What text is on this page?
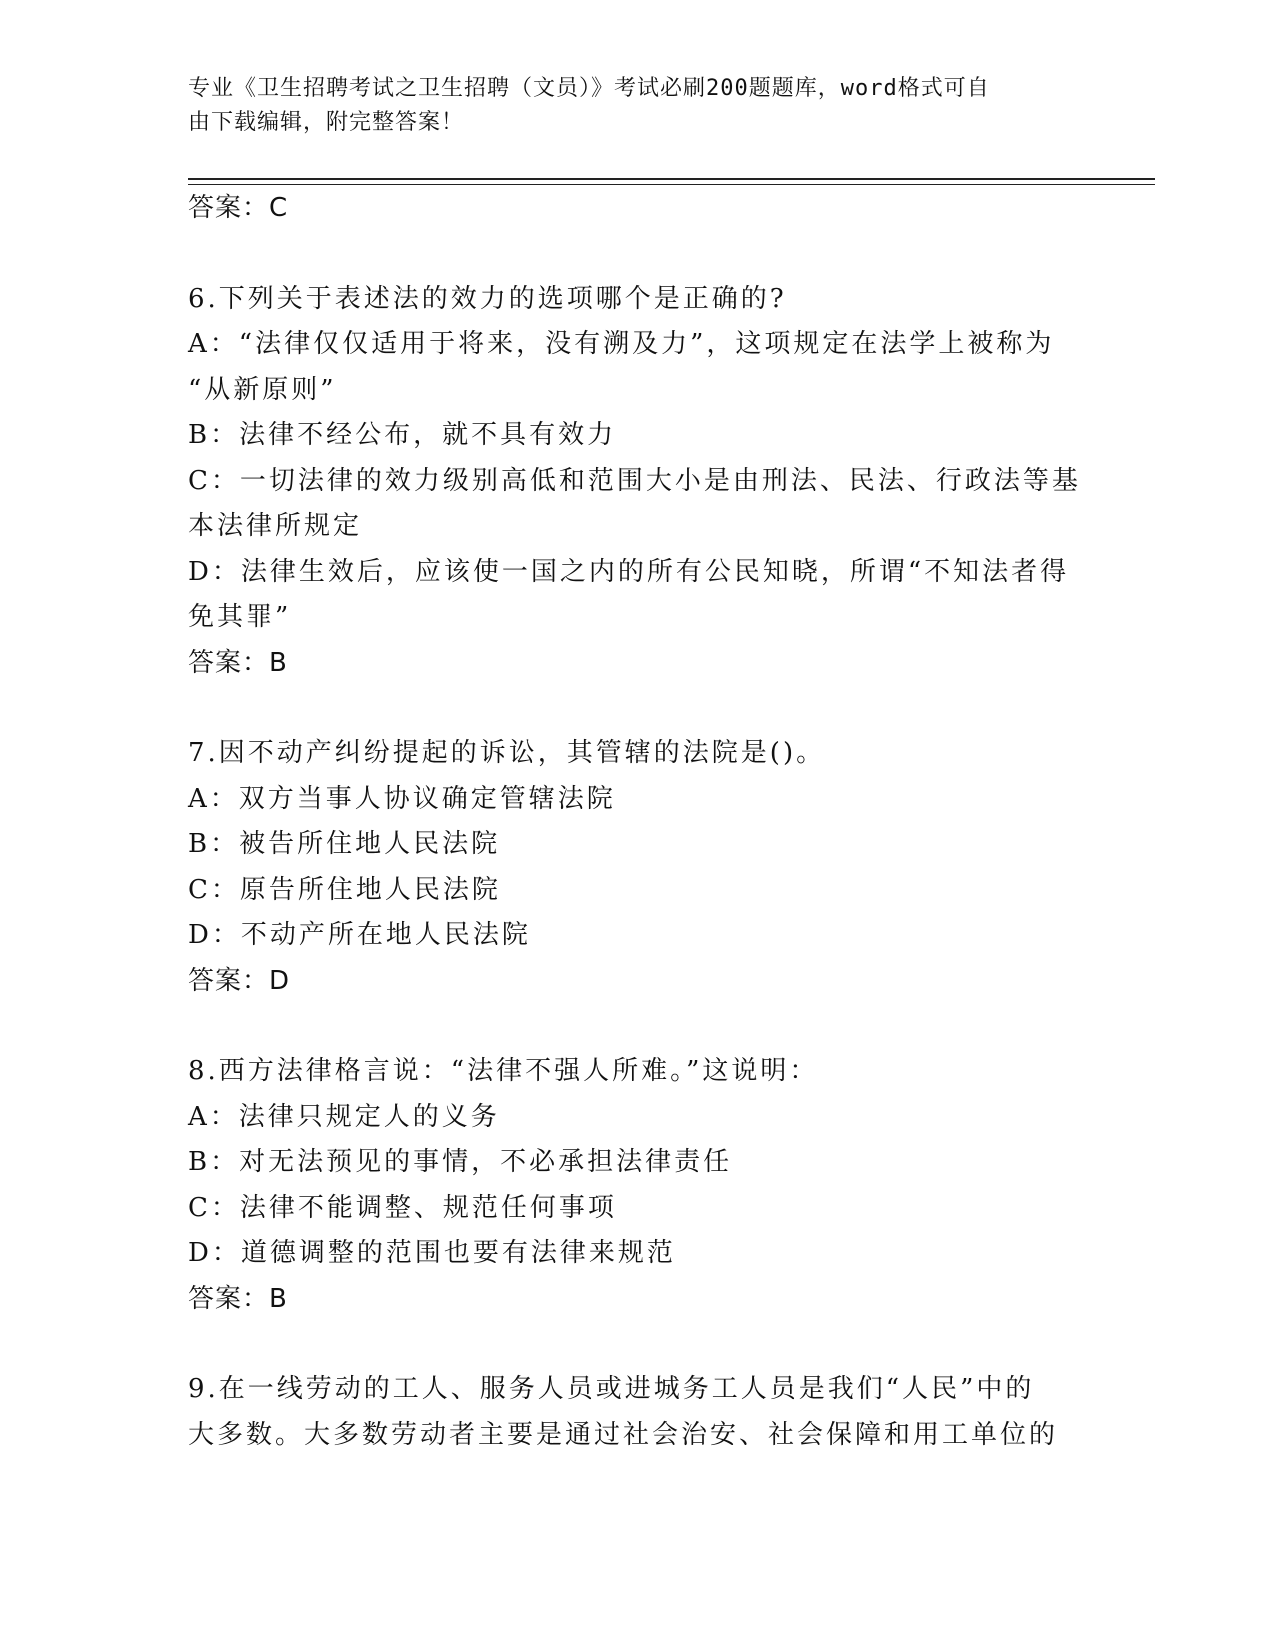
专业《卫生招聘考试之卫生招聘（文员）》考试必刷200题题库，word格式可自
由下载编辑，附完整答案！
答案：C
6.下列关于表述法的效力的选项哪个是正确的?
A：“法律仅仅适用于将来，没有溯及力”，这项规定在法学上被称为
“从新原则”
B：法律不经公布，就不具有效力
C：一切法律的效力级别高低和范围大小是由刑法、民法、行政法等基
本法律所规定
D：法律生效后，应该使一国之内的所有公民知晓，所谓“不知法者得
免其罪”
答案：B
7.因不动产纠纷提起的诉讼，其管辖的法院是()。
A：双方当事人协议确定管辖法院
B：被告所住地人民法院
C：原告所住地人民法院
D：不动产所在地人民法院
答案：D
8.西方法律格言说：“法律不强人所难。”这说明：
A：法律只规定人的义务
B：对无法预见的事情，不必承担法律责任
C：法律不能调整、规范任何事项
D：道德调整的范围也要有法律来规范
答案：B
9.在一线劳动的工人、服务人员或进城务工人员是我们“人民”中的
大多数。大多数劳动者主要是通过社会治安、社会保障和用工单位的
